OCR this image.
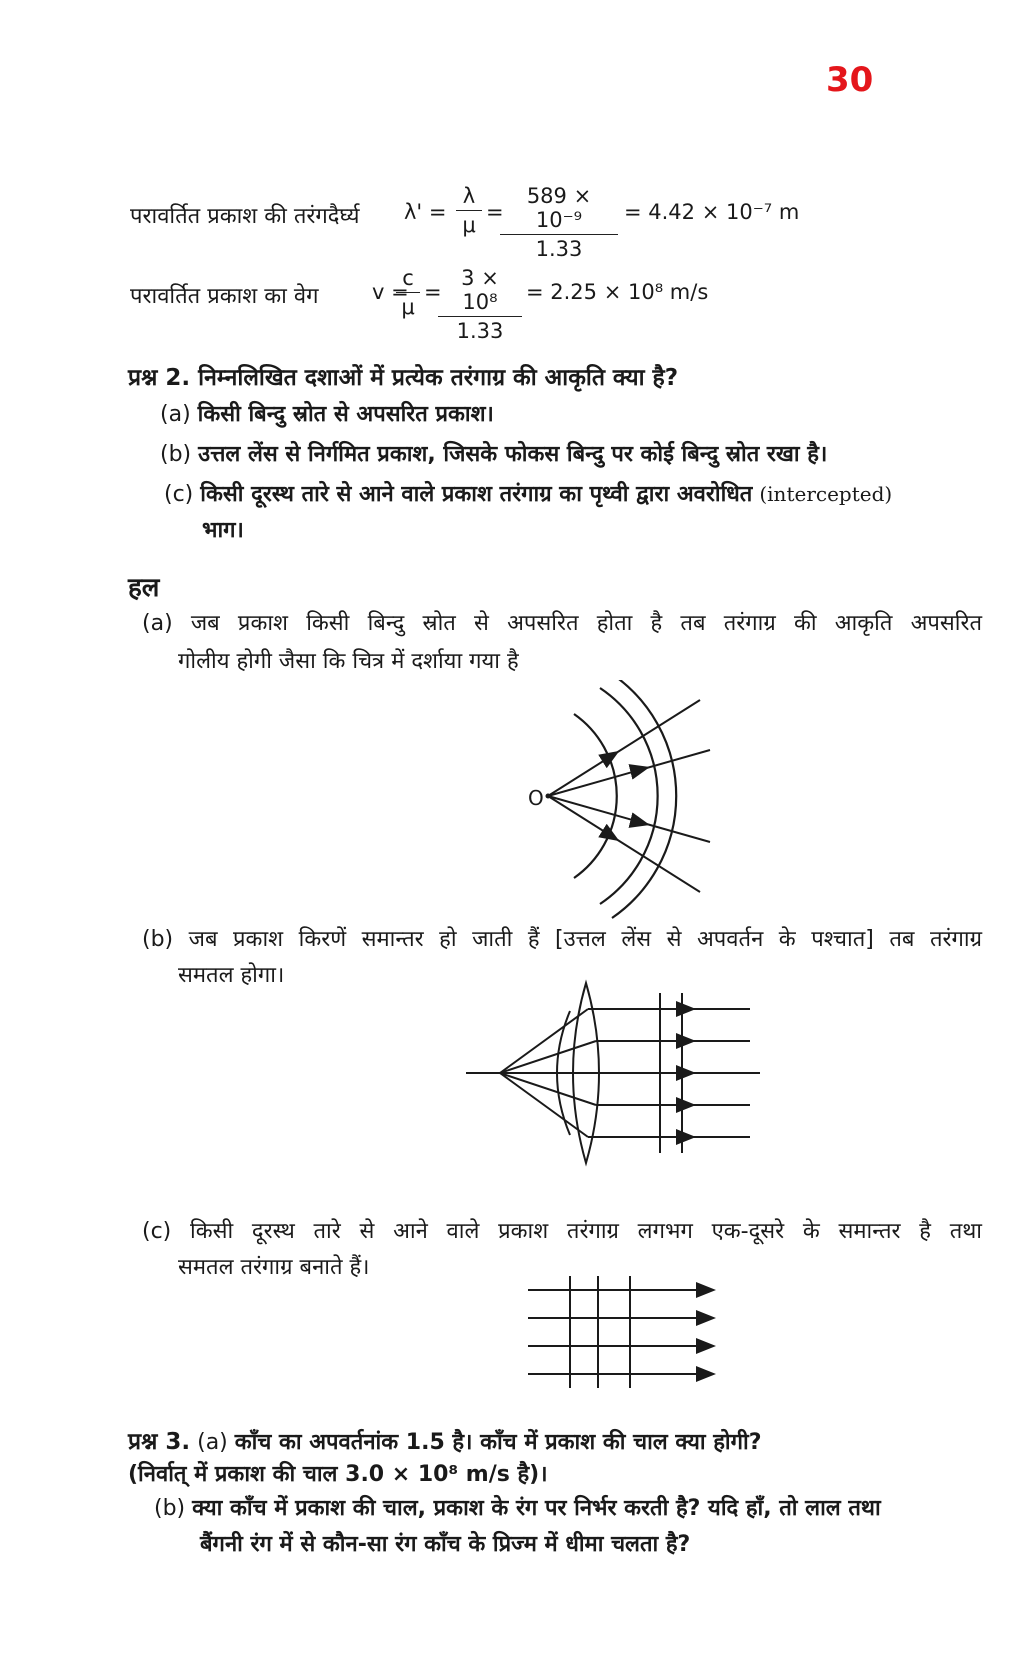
30
परावर्तित प्रकाश की तरंगदैर्घ्य $\lambda' = \frac{\lambda}{\mu}$ =
$\frac{\text{589 × 10⁻⁹}}{1.33} = 4.42 \times 10^{-7}$ m
परावर्तित प्रकाश का वेग	v =
$\frac{c}{\mu}$ =
$\frac{\text{3 × 10⁸}}{1.33} = 2.25 \times 10^8$ m/s
प्रश्न 2. निम्नलिखित दशाओं में प्रत्येक तरंगाग्र की आकृति क्या है?
(a) किसी बिन्दु स्रोत से अपसरित प्रकाश।
(b) उत्तल लेंस से निर्गमित प्रकाश, जिसके फोकस बिन्दु पर कोई बिन्दु स्रोत रखा है।
(c) किसी दूरस्थ तारे से आने वाले प्रकाश तरंगाग्र का पृथ्वी द्वारा अवरोधित (intercepted)
भाग।
हल
(a) जब प्रकाश किसी बिन्दु स्रोत से अपसरित होता है तब तरंगाग्र की आकृति अपसरित
गोलीय होगी जैसा कि चित्र में दर्शाया गया है
O
(b) जब प्रकाश किरणें समान्तर हो जाती हैं [उत्तल लेंस से अपवर्तन के पश्चात] तब तरंगाग्र
समतल होगा।
(c) किसी दूरस्थ तारे से आने वाले प्रकाश तरंगाग्र लगभग एक-दूसरे के समान्तर है तथा
समतल तरंगाग्र बनाते हैं।
प्रश्न 3. (a) काँच का अपवर्तनांक 1.5 है। काँच में प्रकाश की चाल क्या होगी?
(निर्वात् में प्रकाश की चाल 3.0 × 10⁸ m/s है)।
(b) क्या काँच में प्रकाश की चाल, प्रकाश के रंग पर निर्भर करती है? यदि हाँ, तो लाल तथा
बैंगनी रंग में से कौन-सा रंग काँच के प्रिज्म में धीमा चलता है?
